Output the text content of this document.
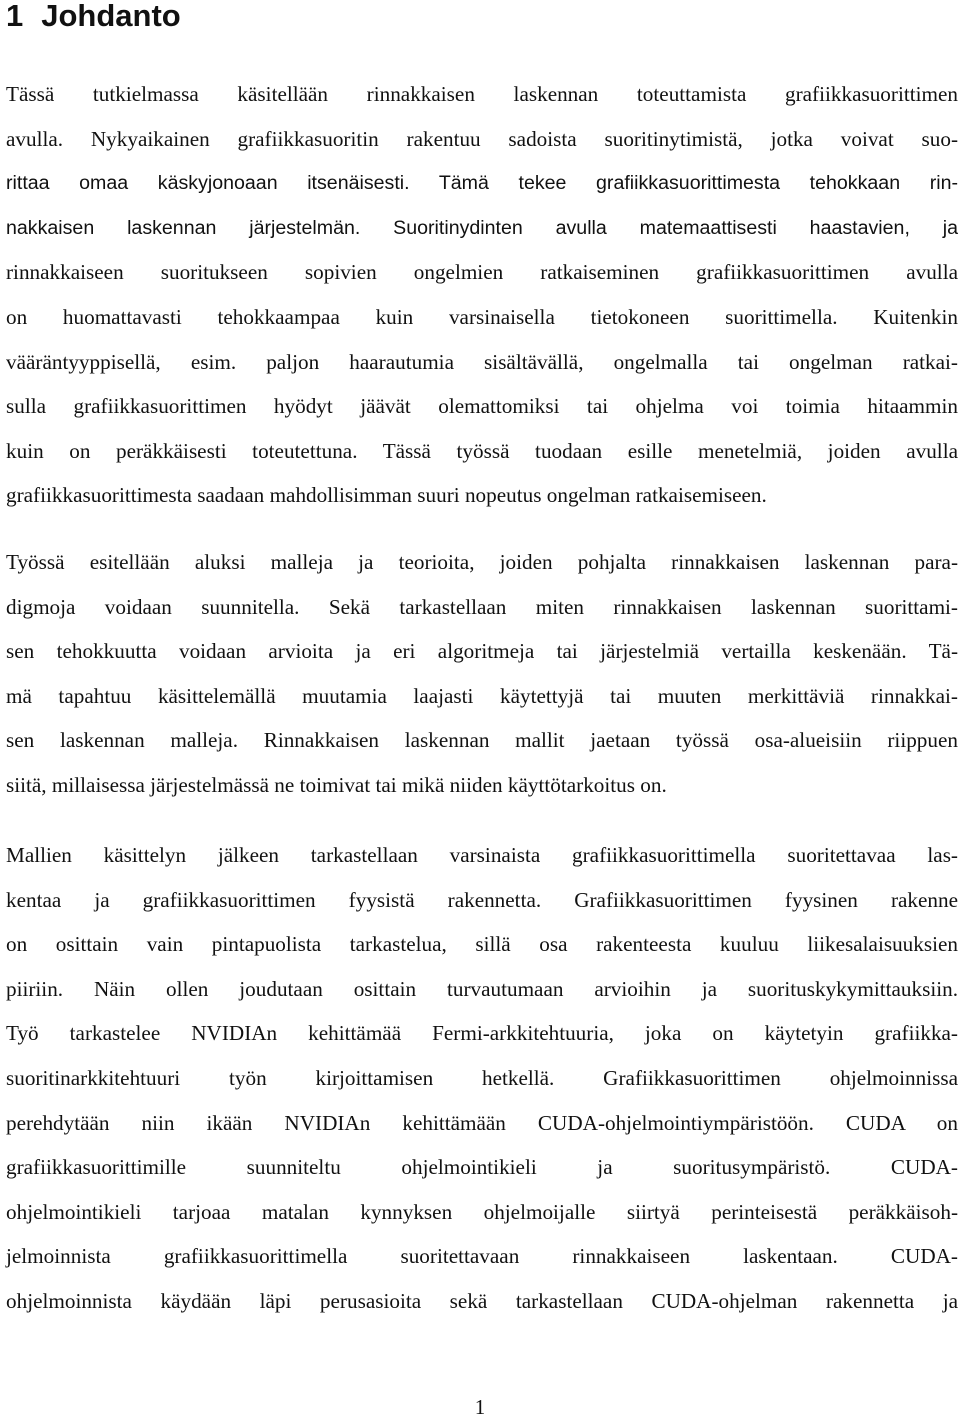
1 Johdanto
Tässä tutkielmassa käsitellään rinnakkaisen laskennan toteuttamista grafiikkasuorittimen
avulla. Nykyaikainen grafiikkasuoritin rakentuu sadoista suoritinytimistä, jotka voivat suo-
rittaa omaa käskyjonoaan itsenäisesti. Tämä tekee grafiikkasuorittimesta tehokkaan rin-
nakkaisen laskennan järjestelmän. Suoritinydinten avulla matemaattisesti haastavien, ja
rinnakkaiseen suoritukseen sopivien ongelmien ratkaiseminen grafiikkasuorittimen avulla
on huomattavasti tehokkaampaa kuin varsinaisella tietokoneen suorittimella. Kuitenkin
vääräntyyppisellä, esim. paljon haarautumia sisältävällä, ongelmalla tai ongelman ratkai-
sulla grafiikkasuorittimen hyödyt jäävät olemattomiksi tai ohjelma voi toimia hitaammin
kuin on peräkkäisesti toteutettuna. Tässä työssä tuodaan esille menetelmiä, joiden avulla
grafiikkasuorittimesta saadaan mahdollisimman suuri nopeutus ongelman ratkaisemiseen.
Työssä esitellään aluksi malleja ja teorioita, joiden pohjalta rinnakkaisen laskennan para-
digmoja voidaan suunnitella. Sekä tarkastellaan miten rinnakkaisen laskennan suorittami-
sen tehokkuutta voidaan arvioita ja eri algoritmeja tai järjestelmiä vertailla keskenään. Tä-
mä tapahtuu käsittelemällä muutamia laajasti käytettyjä tai muuten merkittäviä rinnakkai-
sen laskennan malleja. Rinnakkaisen laskennan mallit jaetaan työssä osa-alueisiin riippuen
siitä, millaisessa järjestelmässä ne toimivat tai mikä niiden käyttötarkoitus on.
Mallien käsittelyn jälkeen tarkastellaan varsinaista grafiikkasuorittimella suoritettavaa las-
kentaa ja grafiikkasuorittimen fyysistä rakennetta. Grafiikkasuorittimen fyysinen rakenne
on osittain vain pintapuolista tarkastelua, sillä osa rakenteesta kuuluu liikesalaisuuksien
piiriin. Näin ollen joudutaan osittain turvautumaan arvioihin ja suorituskykymittauksiin.
Työ tarkastelee NVIDIAn kehittämää Fermi-arkkitehtuuria, joka on käytetyin grafiikka-
suoritinarkkitehtuuri työn kirjoittamisen hetkellä. Grafiikkasuorittimen ohjelmoinnissa
perehdytään niin ikään NVIDIAn kehittämään CUDA-ohjelmointiympäristöön. CUDA on
grafiikkasuorittimille suunniteltu ohjelmointikieli ja suoritusympäristö. CUDA-
ohjelmointikieli tarjoaa matalan kynnyksen ohjelmoijalle siirtyä perinteisestä peräkkäisoh-
jelmoinnista grafiikkasuorittimella suoritettavaan rinnakkaiseen laskentaan. CUDA-
ohjelmoinnista käydään läpi perusasioita sekä tarkastellaan CUDA-ohjelman rakennetta ja
1
